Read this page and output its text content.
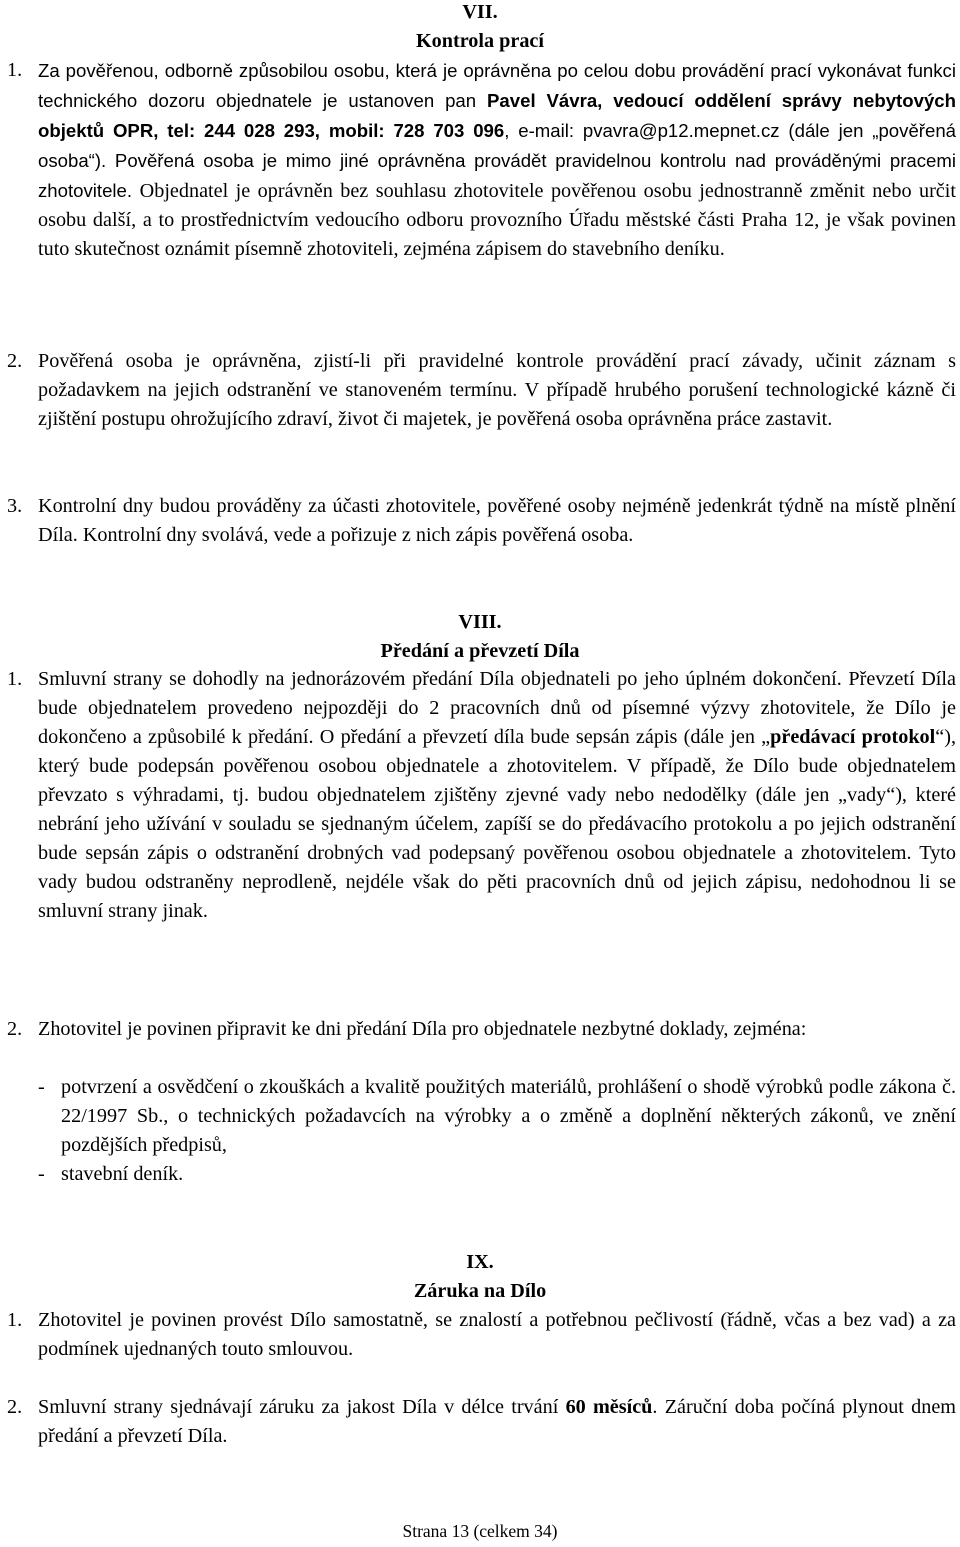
VII.
Kontrola prací
1. Za pověřenou, odborně způsobilou osobu, která je oprávněna po celou dobu provádění prací vykonávat funkci technického dozoru objednatele je ustanoven pan Pavel Vávra, vedoucí oddělení správy nebytových objektů OPR, tel: 244 028 293, mobil: 728 703 096, e-mail: pvavra@p12.mepnet.cz (dále jen „pověřená osoba“). Pověřená osoba je mimo jiné oprávněna provádět pravidelnou kontrolu nad prováděnými pracemi zhotovitele. Objednatel je oprávněn bez souhlasu zhotovitele pověřenou osobu jednostranně změnit nebo určit osobu další, a to prostřednictvím vedoucího odboru provozního Úřadu městské části Praha 12, je však povinen tuto skutečnost oznámit písemně zhotoviteli, zejména zápisem do stavebního deníku.
2. Pověřená osoba je oprávněna, zjistí-li při pravidelné kontrole provádění prací závady, učinit záznam s požadavkem na jejich odstranění ve stanoveném termínu. V případě hrubého porušení technologické kázně či zjištění postupu ohrožujícího zdraví, život či majetek, je pověřená osoba oprávněna práce zastavit.
3. Kontrolní dny budou prováděny za účasti zhotovitele, pověřené osoby nejméně jedenkrát týdně na místě plnění Díla. Kontrolní dny svolává, vede a pořizuje z nich zápis pověřená osoba.
VIII.
Předání a převzetí Díla
1. Smluvní strany se dohodly na jednorázovém předání Díla objednateli po jeho úplném dokončení. Převzetí Díla bude objednatelem provedeno nejpozději do 2 pracovních dnů od písemné výzvy zhotovitele, že Dílo je dokončeno a způsobilé k předání. O předání a převzetí díla bude sepsán zápis (dále jen „předávací protokol“), který bude podepsán pověřenou osobou objednatele a zhotovitelem. V případě, že Dílo bude objednatelem převzato s výhradami, tj. budou objednatelem zjištěny zjevné vady nebo nedodělky (dále jen „vady“), které nebrání jeho užívání v souladu se sjednaným účelem, zapíší se do předávacího protokolu a po jejich odstranění bude sepsán zápis o odstranění drobných vad podepsaný pověřenou osobou objednatele a zhotovitelem. Tyto vady budou odstraněny neprodleně, nejdéle však do pěti pracovních dnů od jejich zápisu, nedohodnou li se smluvní strany jinak.
2. Zhotovitel je povinen připravit ke dni předání Díla pro objednatele nezbytné doklady, zejména:
- potvrzení a osvědčení o zkouškách a kvalitě použitých materiálů, prohlášení o shodě výrobků podle zákona č. 22/1997 Sb., o technických požadavcích na výrobky a o změně a doplnění některých zákonů, ve znění pozdějších předpisů,
- stavební deník.
IX.
Záruka na Dílo
1. Zhotovitel je povinen provést Dílo samostatně, se znalostí a potřebnou pečlivostí (řádně, včas a bez vad) a za podmínek ujednaných touto smlouvou.
2. Smluvní strany sjednávají záruku za jakost Díla v délce trvání 60 měsíců. Záruční doba počíná plynout dnem předání a převzetí Díla.
Strana 13 (celkem 34)
